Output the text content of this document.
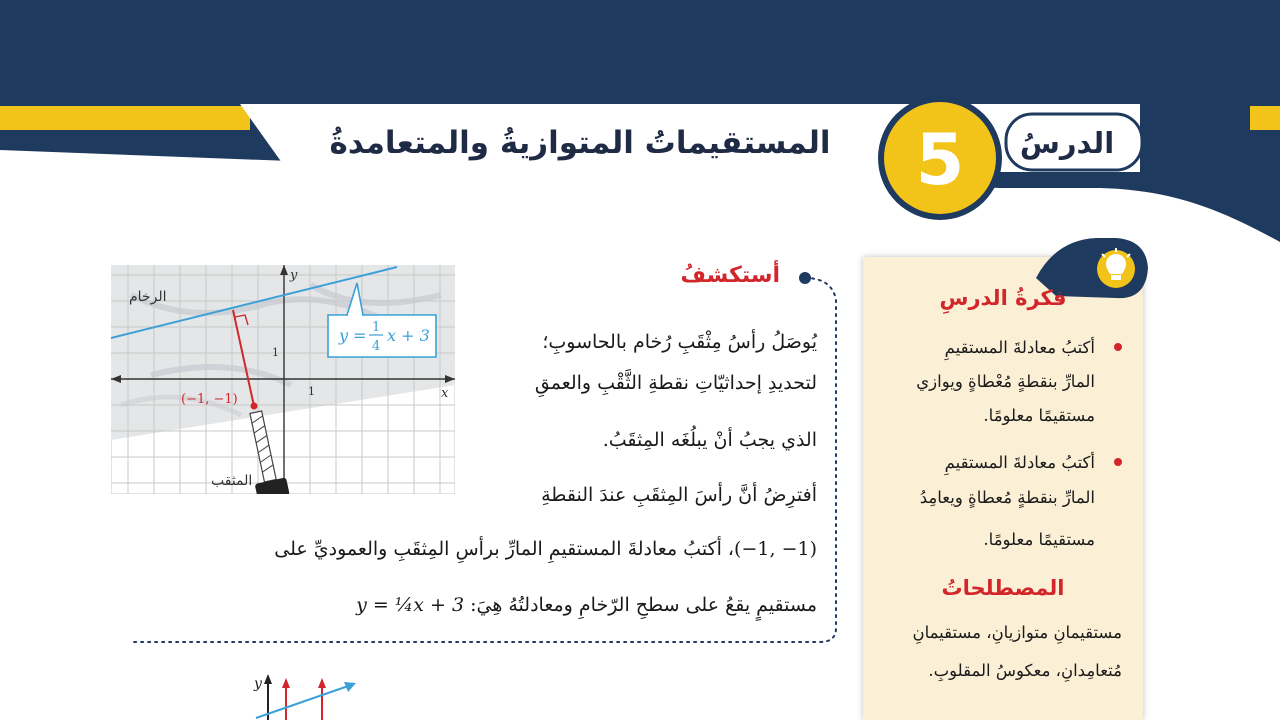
y
المستقيماتُ المتوازيةُ والمتعامدةُ	الدرسُ
5
y = 1
4
x + 3
الرخام
المثقب
(−1, −1)	x
y
1
1
أستكشفُ
يُوصَلُ رأسُ مِثْقَبِ رُخام بالحاسوبِ؛
لتحديدِ إحداثيّاتِ نقطةِ الثَّقْبِ والعمقِ
الذي يجبُ أنْ يبلُغَه المِثقَبُ.
أفترِضُ أنَّ رأسَ المِثقَبِ عندَ النقطةِ
(1− ,1−)، أكتبُ معادلةَ المستقيمِ المارِّ برأسِ المِثقَبِ والعموديِّ على
مستقيمٍ يقعُ على سطحِ الرّخامِ ومعادلتُهُ هِيَ: y = ¼x + 3
فكرةُ الدرسِ
أكتبُ معادلةَ المستقيمِ
المارِّ بنقطةٍ مُعْطاةٍ ويوازي
مستقيمًا معلومًا.
أكتبُ معادلةَ المستقيمِ
المارِّ بنقطةٍ مُعطاةٍ ويعامِدُ
مستقيمًا معلومًا.
المصطلحاتُ
مستقيمانِ متوازيانِ، مستقيمانِ
مُتعامِدانِ، معكوسُ المقلوبِ.
